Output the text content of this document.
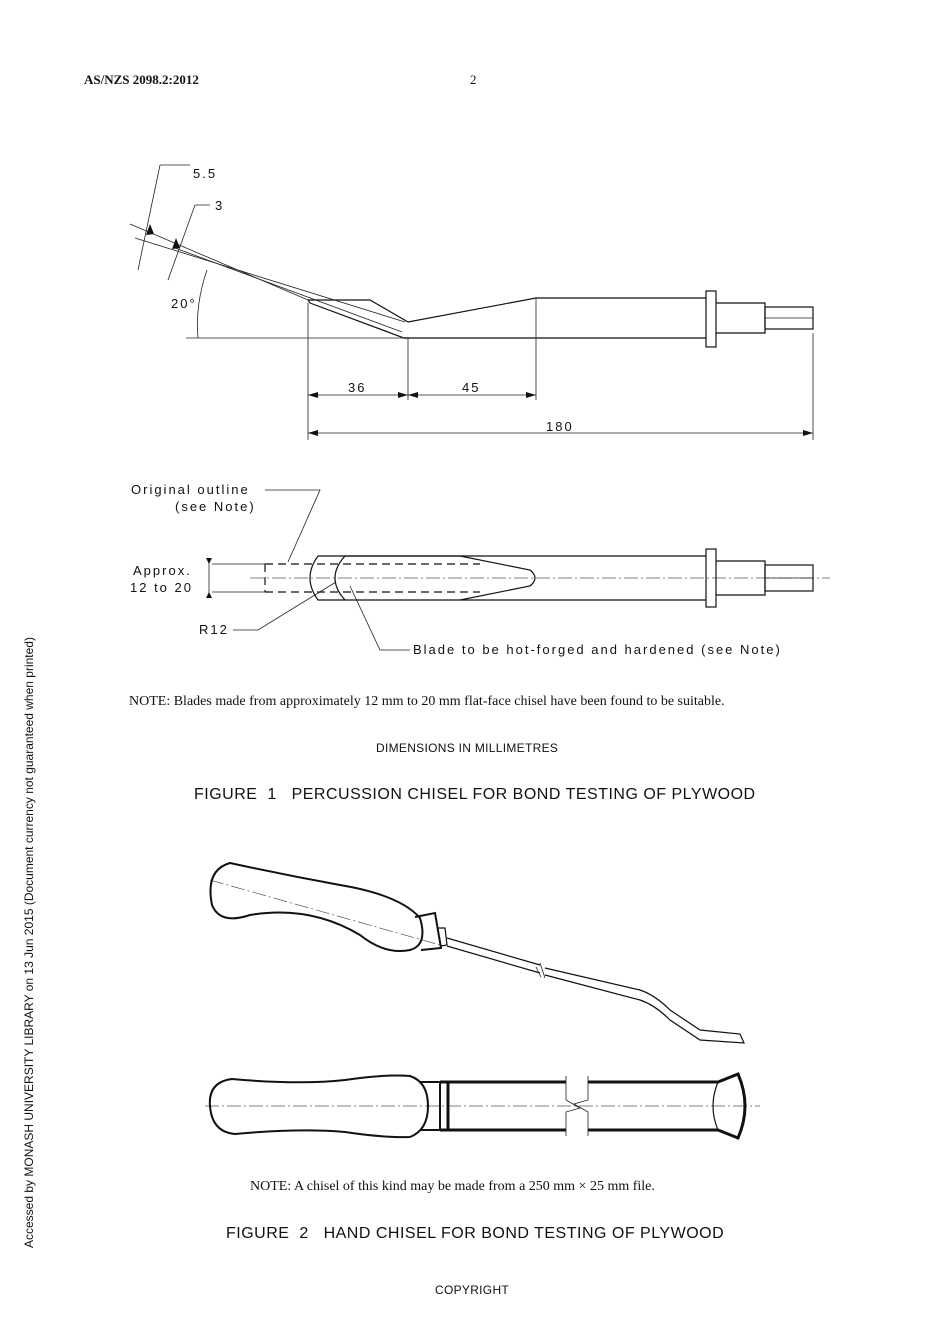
AS/NZS 2098.2:2012	2
Accessed by MONASH UNIVERSITY LIBRARY on 13 Jun 2015 (Document currency not guaranteed when printed)
5.5
3
20°
36	45
180
Original outline
(see Note)
Approx.
12 to 20
R12
Blade to be hot-forged and hardened (see Note)
NOTE: Blades made from approximately 12 mm to 20 mm flat-face chisel have been found to be suitable.
DIMENSIONS IN MILLIMETRES
FIGURE  1   PERCUSSION CHISEL FOR BOND TESTING OF PLYWOOD
NOTE: A chisel of this kind may be made from a 250 mm × 25 mm file.
FIGURE  2   HAND CHISEL FOR BOND TESTING OF PLYWOOD
COPYRIGHT
